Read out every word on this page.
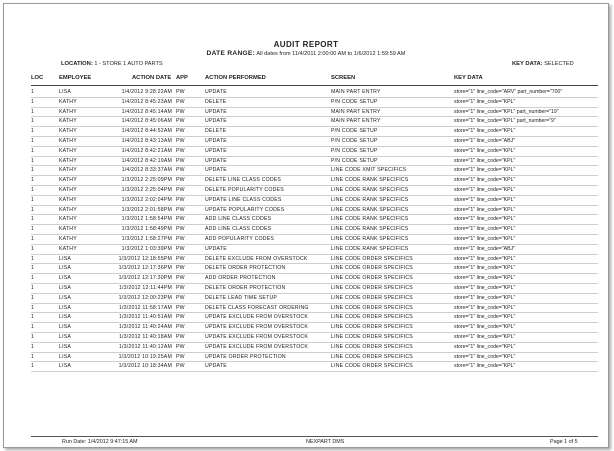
AUDIT REPORT
DATE RANGE: All dates from 11/4/2011 2:00:00 AM to 1/6/2012 1:59:59 AM
LOCATION: 1 - STORE 1 AUTO PARTS	KEY DATA: SELECTED
LOC	EMPLOYEE	ACTION DATE APP	ACTION PERFORMED	SCREEN	KEY DATA
1	LISA	1/4/2012 9:28:22AM PW	UPDATE	MAIN PART ENTRY	store="1" line_code="ARV" part_number="700"
1	KATHY	1/4/2012 8:45:23AM PW	DELETE	P/N CODE SETUP	store="1" line_code="KPL"
1	KATHY	1/4/2012 8:45:14AM PW	UPDATE	MAIN PART ENTRY	store="1" line_code="KPL" part_number="19"
1	KATHY	1/4/2012 8:45:06AM PW	UPDATE	MAIN PART ENTRY	store="1" line_code="KPL" part_number="9"
1	KATHY	1/4/2012 8:44:52AM PW	DELETE	P/N CODE SETUP	store="1" line_code="KPL"
1	KATHY	1/4/2012 8:43:13AM PW	UPDATE	P/N CODE SETUP	store="1" line_code="ABJ"
1	KATHY	1/4/2012 8:42:21AM PW	UPDATE	P/N CODE SETUP	store="1" line_code="KPL"
1	KATHY	1/4/2012 8:42:19AM PW	UPDATE	P/N CODE SETUP	store="1" line_code="KPL"
1	KATHY	1/4/2012 8:33:37AM PW	UPDATE	LINE CODE XMIT SPECIFICS	store="1" line_code="KPL"
1	KATHY	1/3/2012 2:25:09PM PW	DELETE LINE CLASS CODES	LINE CODE RANK SPECIFICS	store="1" line_code="KPL"
1	KATHY	1/3/2012 2:25:04PM PW	DELETE POPULARITY CODES	LINE CODE RANK SPECIFICS	store="1" line_code="KPL"
1	KATHY	1/3/2012 2:02:04PM PW	UPDATE LINE CLASS CODES	LINE CODE RANK SPECIFICS	store="1" line_code="KPL"
1	KATHY	1/3/2012 2:01:58PM PW	UPDATE POPULARITY CODES	LINE CODE RANK SPECIFICS	store="1" line_code="KPL"
1	KATHY	1/3/2012 1:58:54PM PW	ADD LINE CLASS CODES	LINE CODE RANK SPECIFICS	store="1" line_code="KPL"
1	KATHY	1/3/2012 1:58:49PM PW	ADD LINE CLASS CODES	LINE CODE RANK SPECIFICS	store="1" line_code="KPL"
1	KATHY	1/3/2012 1:58:27PM PW	ADD POPULARITY CODES	LINE CODE RANK SPECIFICS	store="1" line_code="KPL"
1	KATHY	1/3/2012 1:03:39PM PW	UPDATE	LINE CODE RANK SPECIFICS	store="1" line_code="ABJ"
1	LISA	1/3/2012 12:18:55PM PW	DELETE EXCLUDE FROM OVERSTOCK	LINE CODE ORDER SPECIFICS	store="1" line_code="KPL"
1	LISA	1/3/2012 12:17:36PM PW	DELETE ORDER PROTECTION	LINE CODE ORDER SPECIFICS	store="1" line_code="KPL"
1	LISA	1/3/2012 12:17:30PM PW	ADD ORDER PROTECTION	LINE CODE ORDER SPECIFICS	store="1" line_code="KPL"
1	LISA	1/3/2012 12:11:44PM PW	DELETE ORDER PROTECTION	LINE CODE ORDER SPECIFICS	store="1" line_code="KPL"
1	LISA	1/3/2012 12:00:23PM PW	DELETE LEAD TIME SETUP	LINE CODE ORDER SPECIFICS	store="1" line_code="KPL"
1	LISA	1/3/2012 11:58:17AM PW	DELETE CLASS FORECAST ORDERING	LINE CODE ORDER SPECIFICS	store="1" line_code="KPL"
1	LISA	1/3/2012 11:40:51AM PW	UPDATE EXCLUDE FROM OVERSTOCK	LINE CODE ORDER SPECIFICS	store="1" line_code="KPL"
1	LISA	1/3/2012 11:40:24AM PW	UPDATE EXCLUDE FROM OVERSTOCK	LINE CODE ORDER SPECIFICS	store="1" line_code="KPL"
1	LISA	1/3/2012 11:40:18AM PW	UPDATE EXCLUDE FROM OVERSTOCK	LINE CODE ORDER SPECIFICS	store="1" line_code="KPL"
1	LISA	1/3/2012 11:40:12AM PW	UPDATE EXCLUDE FROM OVERSTOCK	LINE CODE ORDER SPECIFICS	store="1" line_code="KPL"
1	LISA	1/3/2012 10:19:25AM PW	UPDATE ORDER PROTECTION	LINE CODE ORDER SPECIFICS	store="1" line_code="KPL"
1	LISA	1/3/2012 10:18:34AM PW	UPDATE	LINE CODE ORDER SPECIFICS	store="1" line_code="KPL"
Run Date: 1/4/2012 9:47:15 AM	NEXPART DMS	Page 1 of 5
